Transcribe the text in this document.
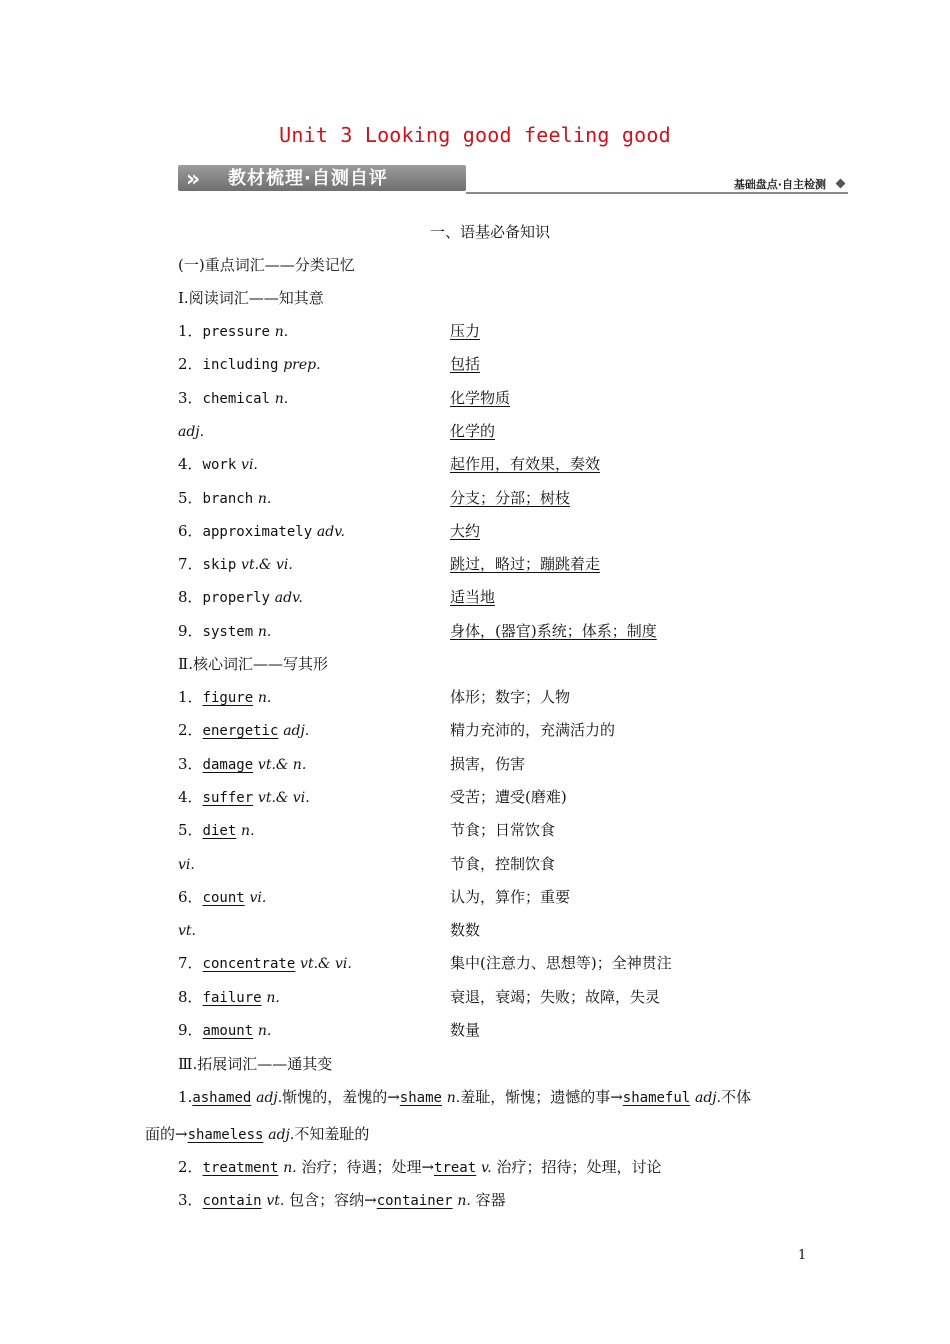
Unit 3 Looking good feeling good
» 教材梳理·自测自评	基础盘点·自主检测
一、语基必备知识
(一)重点词汇——分类记忆
Ⅰ.阅读词汇——知其意
1．pressure n.	压力
2．including prep.	包括
3．chemical n.	化学物质
adj.	化学的
4．work vi.	起作用，有效果，奏效
5．branch n.	分支；分部；树枝
6．approximately adv.	大约
7．skip vt.& vi.	跳过，略过；蹦跳着走
8．properly adv.	适当地
9．system n.	身体，(器官)系统；体系；制度
Ⅱ.核心词汇——写其形
1．figure n.	体形；数字；人物
2．energetic adj.	精力充沛的，充满活力的
3．damage vt.& n.	损害，伤害
4．suffer vt.& vi.	受苦；遭受(磨难)
5．diet n.	节食；日常饮食
vi.	节食，控制饮食
6．count vi.	认为，算作；重要
vt.	数数
7．concentrate vt.& vi.	集中(注意力、思想等)；全神贯注
8．failure n.	衰退，衰竭；失败；故障，失灵
9．amount n.	数量
Ⅲ.拓展词汇——通其变
1.ashamed adj.惭愧的，羞愧的→shame n.羞耻，惭愧；遗憾的事→shameful adj.不体
面的→shameless adj.不知羞耻的
2．treatment n. 治疗；待遇；处理→treat v. 治疗；招待；处理，讨论
3．contain vt. 包含；容纳→container n. 容器
1
